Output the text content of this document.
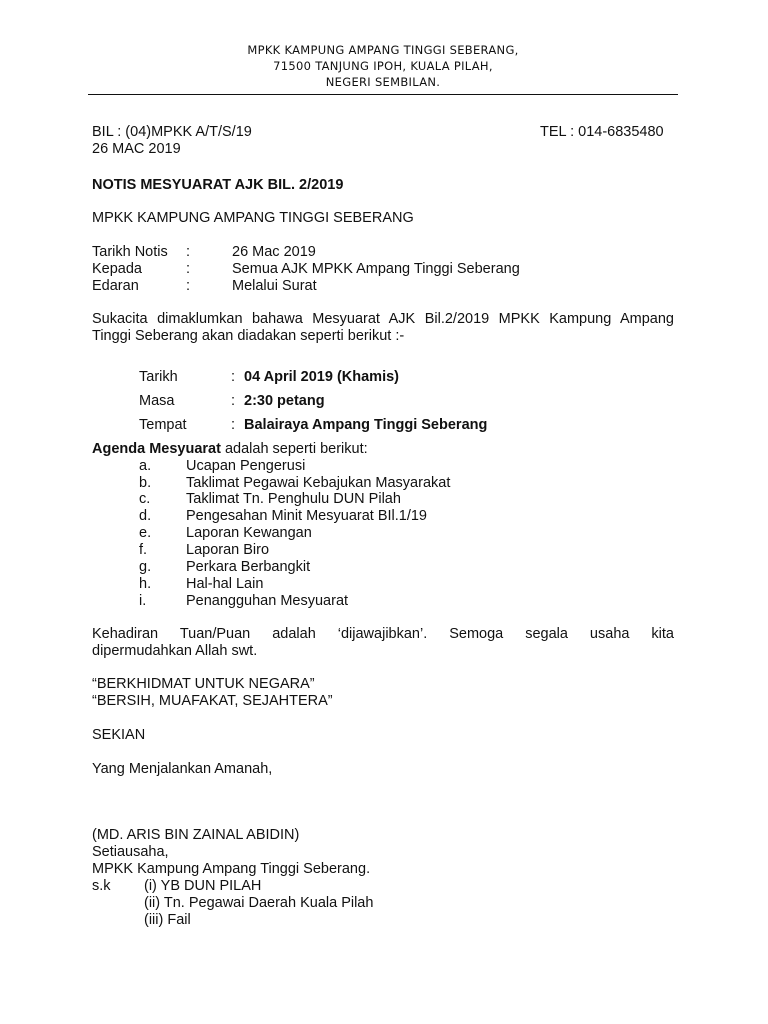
MPKK KAMPUNG AMPANG TINGGI SEBERANG,
71500 TANJUNG IPOH, KUALA PILAH,
NEGERI SEMBILAN.
BIL : (04)MPKK A/T/S/19	TEL : 014-6835480
26 MAC 2019
NOTIS MESYUARAT AJK BIL. 2/2019
MPKK KAMPUNG AMPANG TINGGI SEBERANG
Tarikh Notis :	26 Mac 2019
Kepada	:	Semua AJK MPKK Ampang Tinggi Seberang
Edaran	:	Melalui Surat
Sukacita dimaklumkan bahawa Mesyuarat AJK Bil.2/2019 MPKK Kampung Ampang
Tinggi Seberang akan diadakan seperti berikut :-
Tarikh	: 04 April 2019 (Khamis)
Masa	: 2:30 petang
Tempat	: Balairaya Ampang Tinggi Seberang
Agenda Mesyuarat adalah seperti berikut:
a. Ucapan Pengerusi
b. Taklimat Pegawai Kebajukan Masyarakat
c. Taklimat Tn. Penghulu DUN Pilah
d. Pengesahan Minit Mesyuarat BIl.1/19
e. Laporan Kewangan
f.	Laporan Biro
g. Perkara Berbangkit
h. Hal-hal Lain
i.	Penangguhan Mesyuarat
Kehadiran Tuan/Puan adalah ‘dijawajibkan’. Semoga segala usaha kita
dipermudahkan Allah swt.
“BERKHIDMAT UNTUK NEGARA”
“BERSIH, MUAFAKAT, SEJAHTERA”
SEKIAN
Yang Menjalankan Amanah,
(MD. ARIS BIN ZAINAL ABIDIN)
Setiausaha,
MPKK Kampung Ampang Tinggi Seberang.
s.k (i) YB DUN PILAH
(ii) Tn. Pegawai Daerah Kuala Pilah
(iii) Fail
